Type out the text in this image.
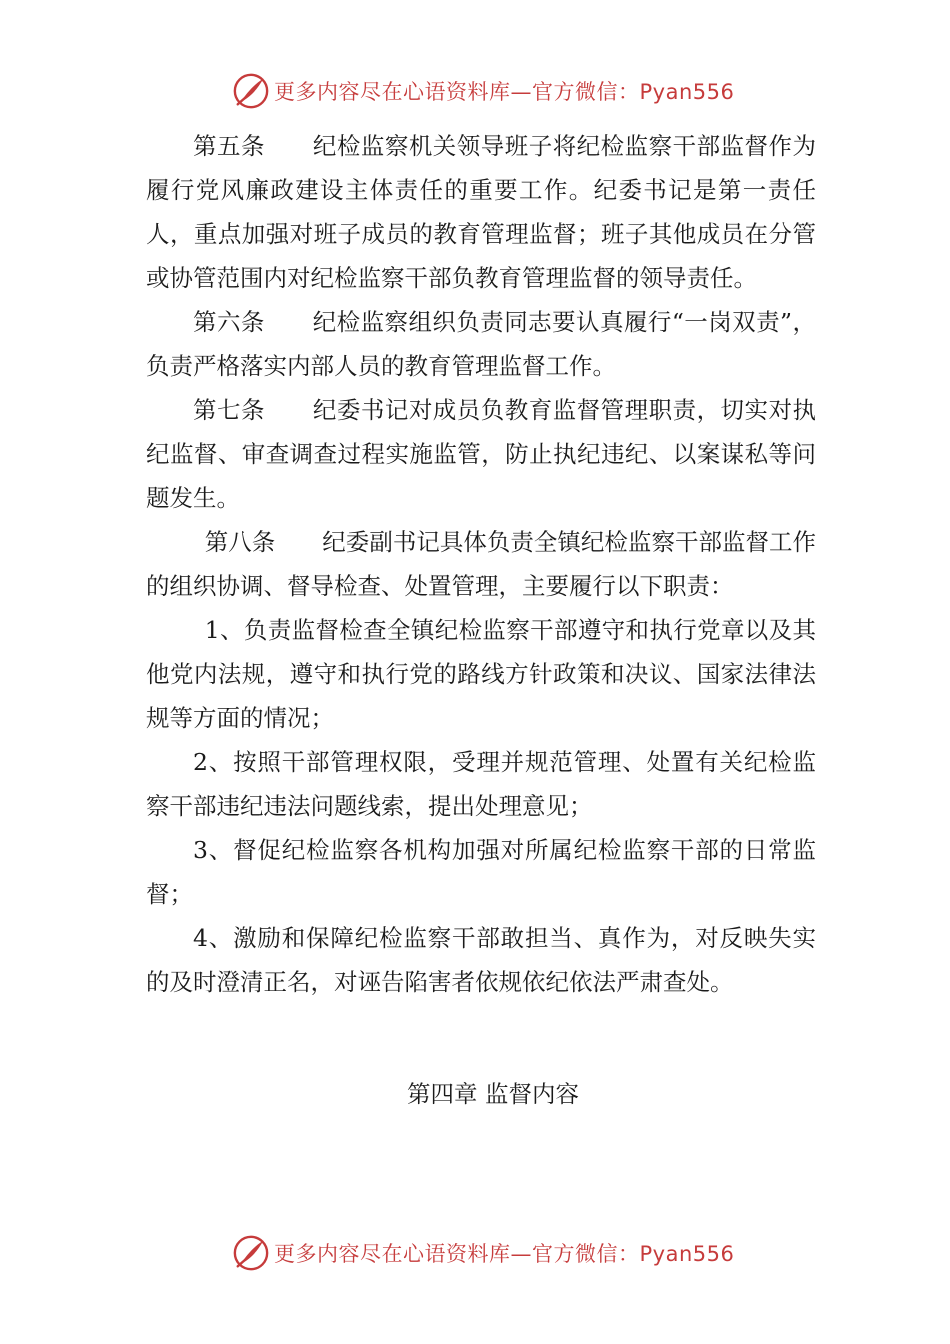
更多内容尽在心语资料库—官方微信：Pyan556

第五条　　纪检监察机关领导班子将纪检监察干部监督作为履行党风廉政建设主体责任的重要工作。纪委书记是第一责任人，重点加强对班子成员的教育管理监督；班子其他成员在分管或协管范围内对纪检监察干部负教育管理监督的领导责任。

第六条　　纪检监察组织负责同志要认真履行“一岗双责”，负责严格落实内部人员的教育管理监督工作。

第七条　　纪委书记对成员负教育监督管理职责，切实对执纪监督、审查调查过程实施监管，防止执纪违纪、以案谋私等问题发生。

第八条　　纪委副书记具体负责全镇纪检监察干部监督工作的组织协调、督导检查、处置管理，主要履行以下职责：

1、负责监督检查全镇纪检监察干部遵守和执行党章以及其他党内法规，遵守和执行党的路线方针政策和决议、国家法律法规等方面的情况；

2、按照干部管理权限，受理并规范管理、处置有关纪检监察干部违纪违法问题线索，提出处理意见；

3、督促纪检监察各机构加强对所属纪检监察干部的日常监督；

4、激励和保障纪检监察干部敢担当、真作为，对反映失实的及时澄清正名，对诬告陷害者依规依纪依法严肃查处。

第四章 监督内容
更多内容尽在心语资料库—官方微信：Pyan556
